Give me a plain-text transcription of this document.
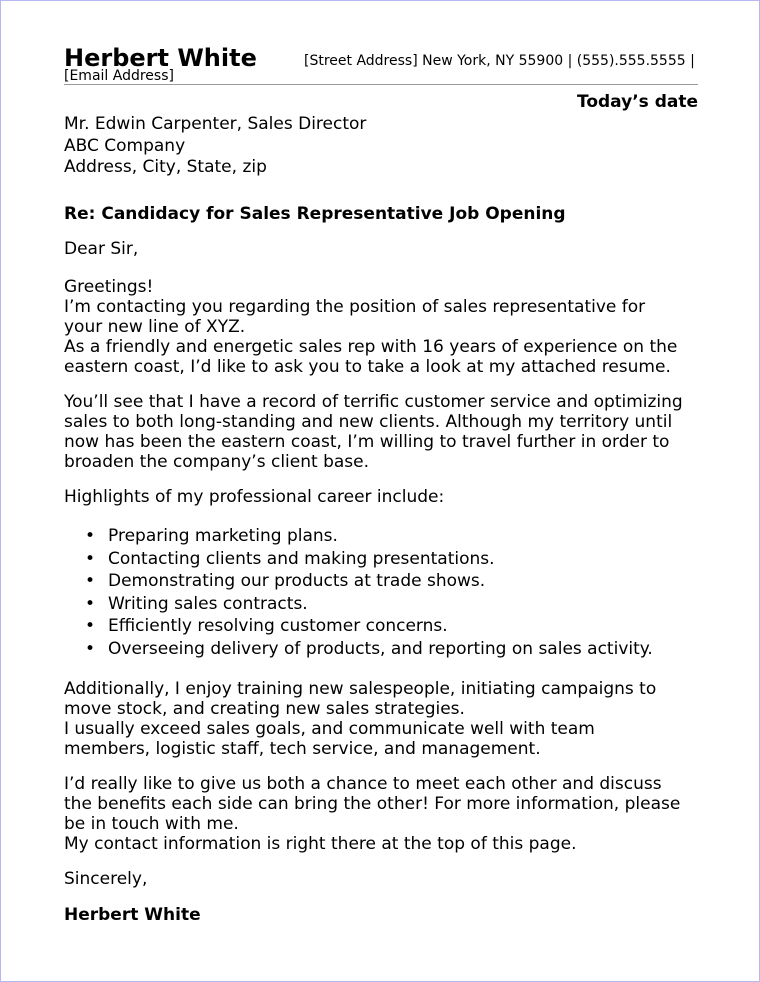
Herbert White	[Street Address] New York, NY 55900 | (555).555.5555 |
[Email Address]
Today’s date
Mr. Edwin Carpenter, Sales Director
ABC Company
Address, City, State, zip
Re: Candidacy for Sales Representative Job Opening

Dear Sir,

Greetings!
I’m contacting you regarding the position of sales representative for
your new line of XYZ.
As a friendly and energetic sales rep with 16 years of experience on the
eastern coast, I’d like to ask you to take a look at my attached resume.

You’ll see that I have a record of terrific customer service and optimizing
sales to both long-standing and new clients. Although my territory until
now has been the eastern coast, I’m willing to travel further in order to
broaden the company’s client base.

Highlights of my professional career include:

• Preparing marketing plans.
• Contacting clients and making presentations.
• Demonstrating our products at trade shows.
• Writing sales contracts.
• Efficiently resolving customer concerns.
• Overseeing delivery of products, and reporting on sales activity.

Additionally, I enjoy training new salespeople, initiating campaigns to
move stock, and creating new sales strategies.
I usually exceed sales goals, and communicate well with team
members, logistic staff, tech service, and management.

I’d really like to give us both a chance to meet each other and discuss
the benefits each side can bring the other! For more information, please
be in touch with me.
My contact information is right there at the top of this page.

Sincerely,

Herbert White
